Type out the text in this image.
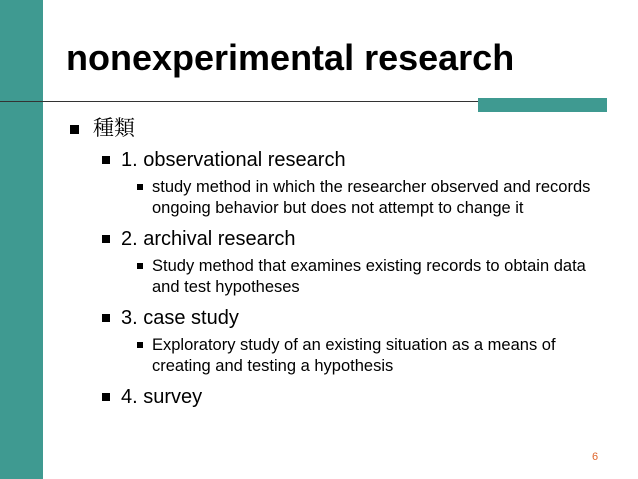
nonexperimental research
種類
1. observational research
study method in which the researcher observed and records ongoing behavior but does not attempt to change it
2. archival research
Study method that examines existing records to obtain data and test hypotheses
3. case study
Exploratory study of an existing situation as a means of creating and testing a hypothesis
4. survey
6
